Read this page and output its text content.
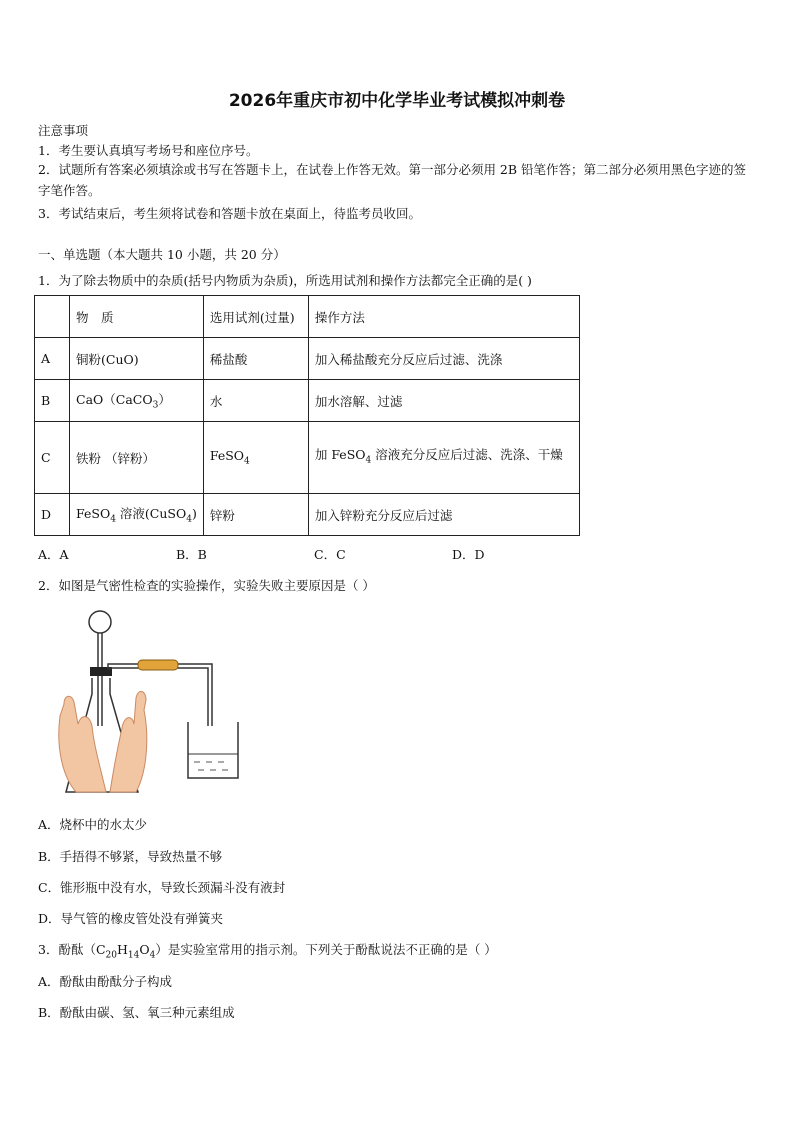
2026年重庆市初中化学毕业考试模拟冲刺卷
注意事项
1．考生要认真填写考场号和座位序号。
2．试题所有答案必须填涂或书写在答题卡上，在试卷上作答无效。第一部分必须用 2B 铅笔作答；第二部分必须用黑色字迹的签字笔作答。
3．考试结束后，考生须将试卷和答题卡放在桌面上，待监考员收回。
一、单选题（本大题共 10 小题，共 20 分）
1．为了除去物质中的杂质(括号内物质为杂质)，所选用试剂和操作方法都完全正确的是( )
	物　质	选用试剂(过量)	操作方法
A	铜粉(CuO)	稀盐酸	加入稀盐酸充分反应后过滤、洗涤
B	CaO（CaCO$_3$）	水	加水溶解、过滤
C	铁粉 （锌粉）	FeSO$_4$	加 FeSO$_4$ 溶液充分反应后过滤、洗涤、干燥
D	FeSO$_4$ 溶液(CuSO$_4$)	锌粉	加入锌粉充分反应后过滤
A．A	B．B	C．C	D．D
2．如图是气密性检查的实验操作，实验失败主要原因是（ ）
A．烧杯中的水太少
B．手捂得不够紧，导致热量不够
C．锥形瓶中没有水，导致长颈漏斗没有液封
D．导气管的橡皮管处没有弹簧夹
3．酚酞$(C_{20}H_{14}O_4)$是实验室常用的指示剂。下列关于酚酞说法不正确的是（ ）
A．酚酞由酚酞分子构成
B．酚酞由碳、氢、氧三种元素组成
